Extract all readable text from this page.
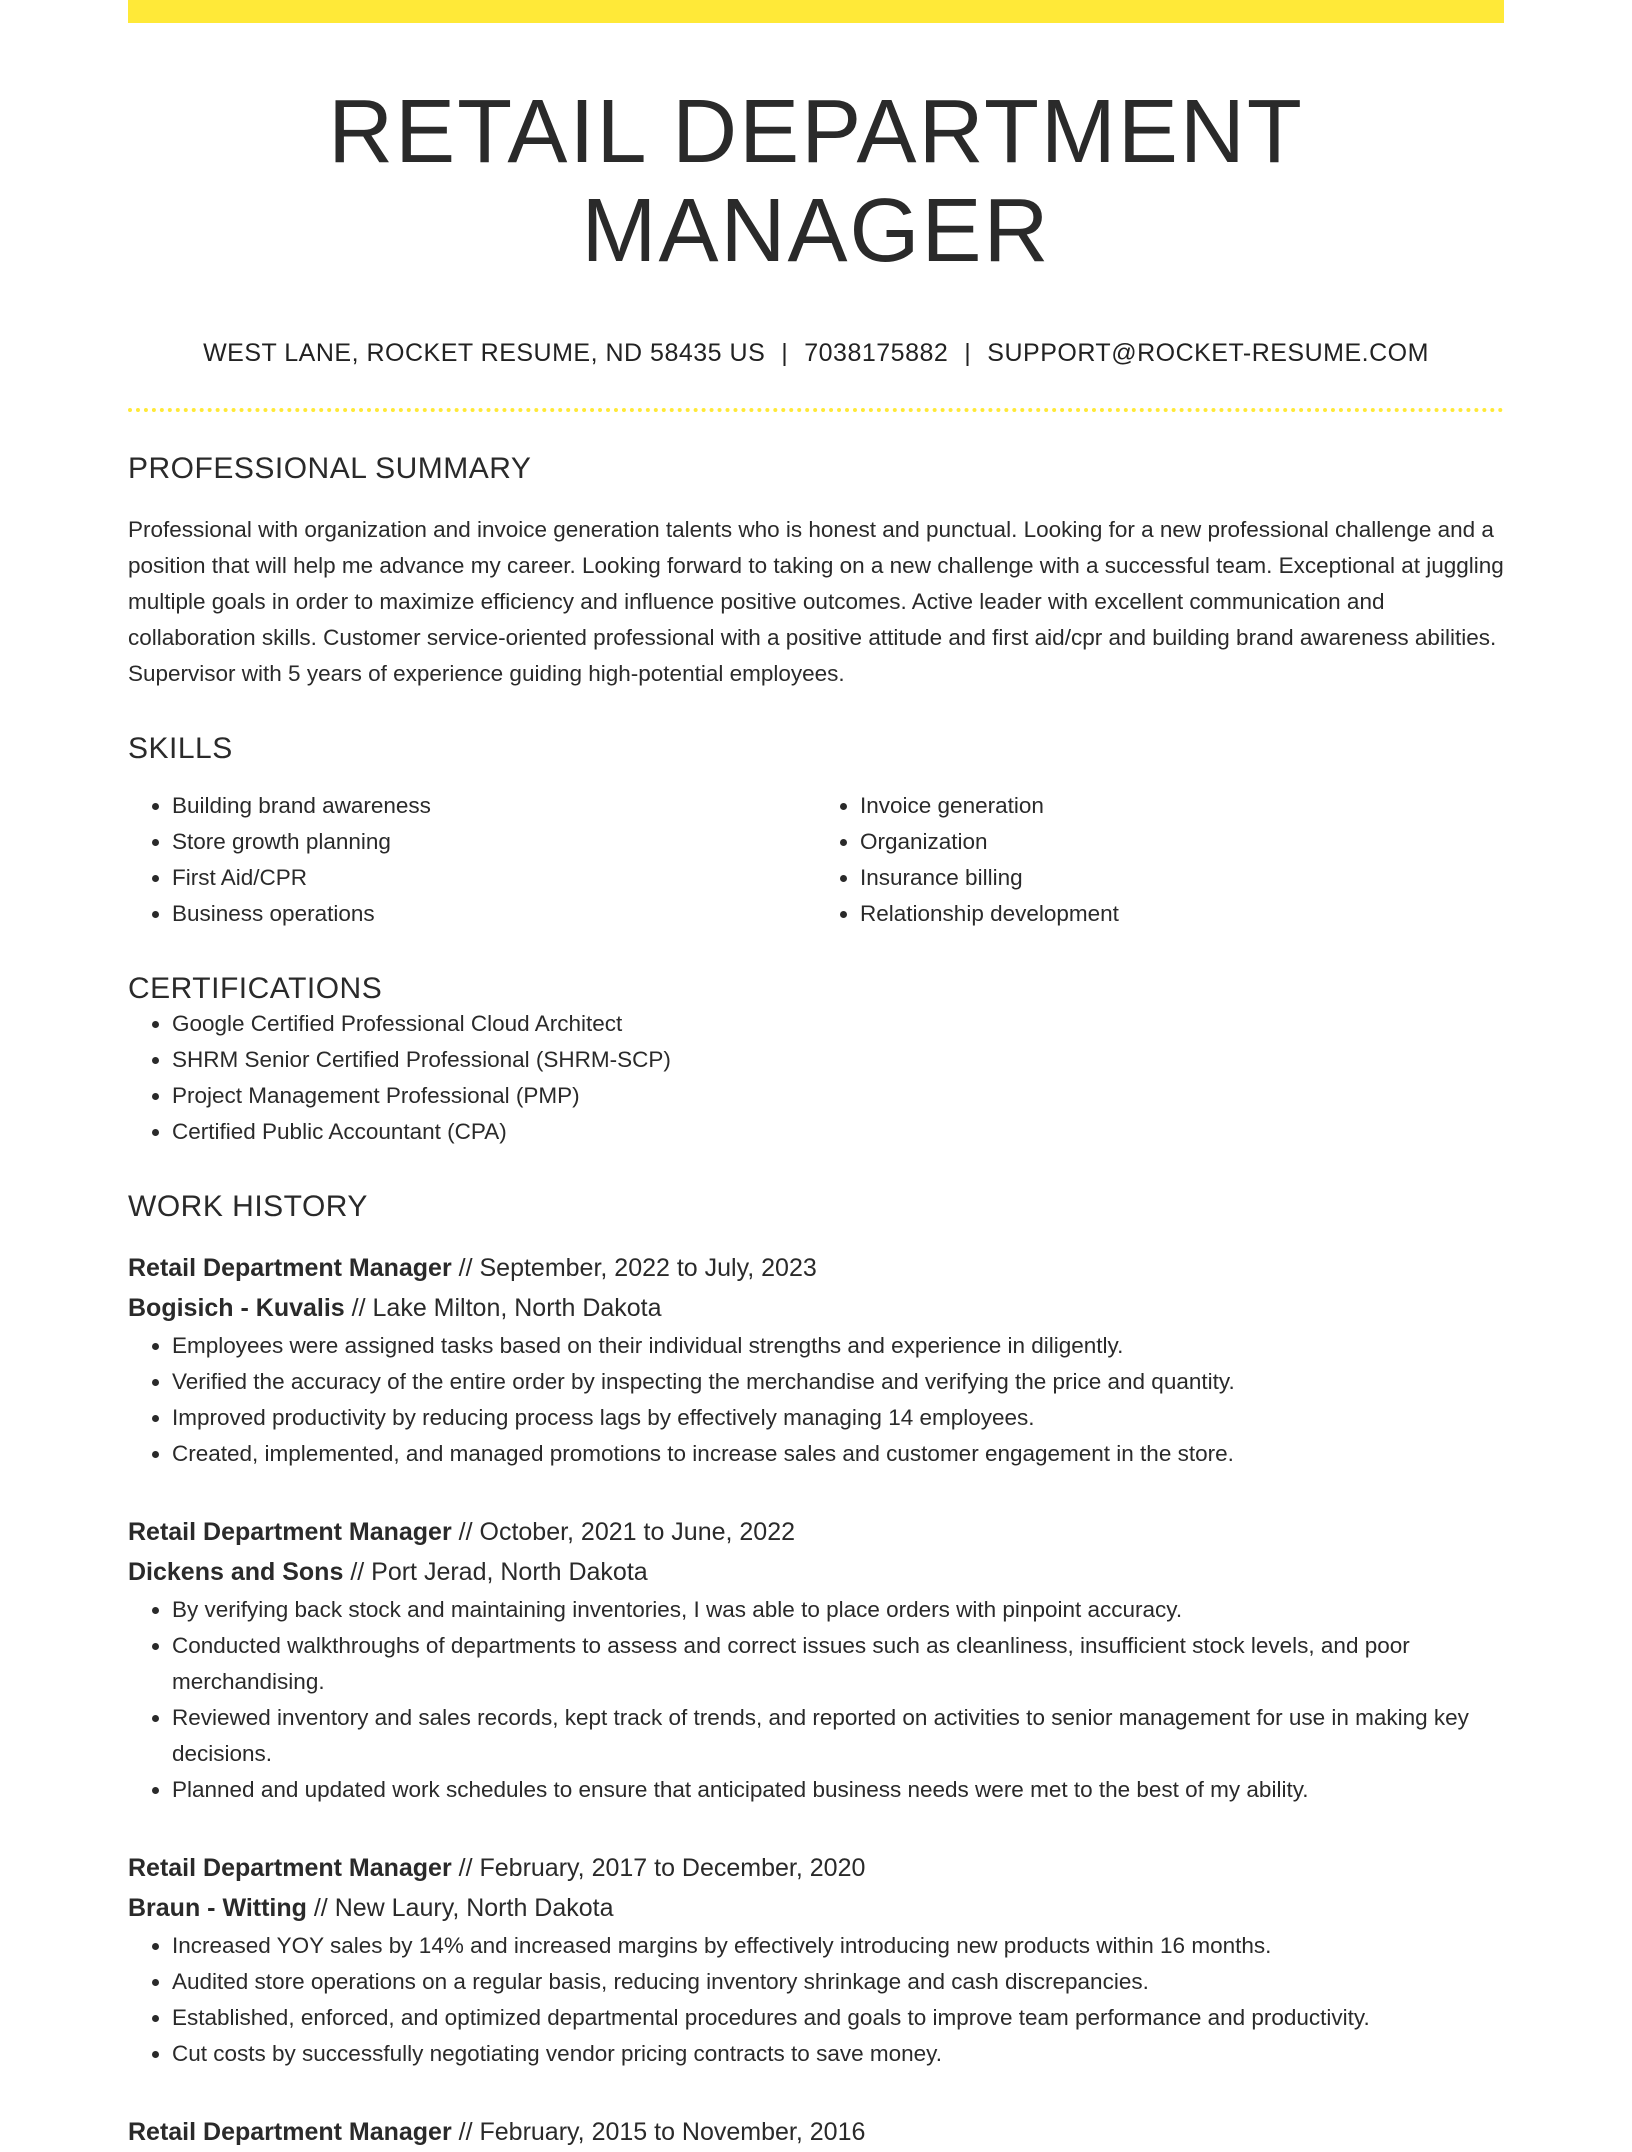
RETAIL DEPARTMENT MANAGER
WEST LANE, ROCKET RESUME, ND 58435 US | 7038175882 | SUPPORT@ROCKET-RESUME.COM
PROFESSIONAL SUMMARY

Professional with organization and invoice generation talents who is honest and punctual. Looking for a new professional challenge and a position that will help me advance my career. Looking forward to taking on a new challenge with a successful team. Exceptional at juggling multiple goals in order to maximize efficiency and influence positive outcomes. Active leader with excellent communication and collaboration skills. Customer service-oriented professional with a positive attitude and first aid/cpr and building brand awareness abilities. Supervisor with 5 years of experience guiding high-potential employees.

SKILLS
• Building brand awareness
• Store growth planning
• First Aid/CPR
• Business operations
• Invoice generation
• Organization
• Insurance billing
• Relationship development
CERTIFICATIONS
• Google Certified Professional Cloud Architect
• SHRM Senior Certified Professional (SHRM-SCP)
• Project Management Professional (PMP)
• Certified Public Accountant (CPA)
WORK HISTORY
Retail Department Manager // September, 2022 to July, 2023
Bogisich - Kuvalis // Lake Milton, North Dakota
• Employees were assigned tasks based on their individual strengths and experience in diligently.
• Verified the accuracy of the entire order by inspecting the merchandise and verifying the price and quantity.
• Improved productivity by reducing process lags by effectively managing 14 employees.
• Created, implemented, and managed promotions to increase sales and customer engagement in the store.
Retail Department Manager // October, 2021 to June, 2022
Dickens and Sons // Port Jerad, North Dakota
• By verifying back stock and maintaining inventories, I was able to place orders with pinpoint accuracy.
• Conducted walkthroughs of departments to assess and correct issues such as cleanliness, insufficient stock levels, and poor merchandising.
• Reviewed inventory and sales records, kept track of trends, and reported on activities to senior management for use in making key decisions.
• Planned and updated work schedules to ensure that anticipated business needs were met to the best of my ability.
Retail Department Manager // February, 2017 to December, 2020
Braun - Witting // New Laury, North Dakota
• Increased YOY sales by 14% and increased margins by effectively introducing new products within 16 months.
• Audited store operations on a regular basis, reducing inventory shrinkage and cash discrepancies.
• Established, enforced, and optimized departmental procedures and goals to improve team performance and productivity.
• Cut costs by successfully negotiating vendor pricing contracts to save money.
Retail Department Manager // February, 2015 to November, 2016
